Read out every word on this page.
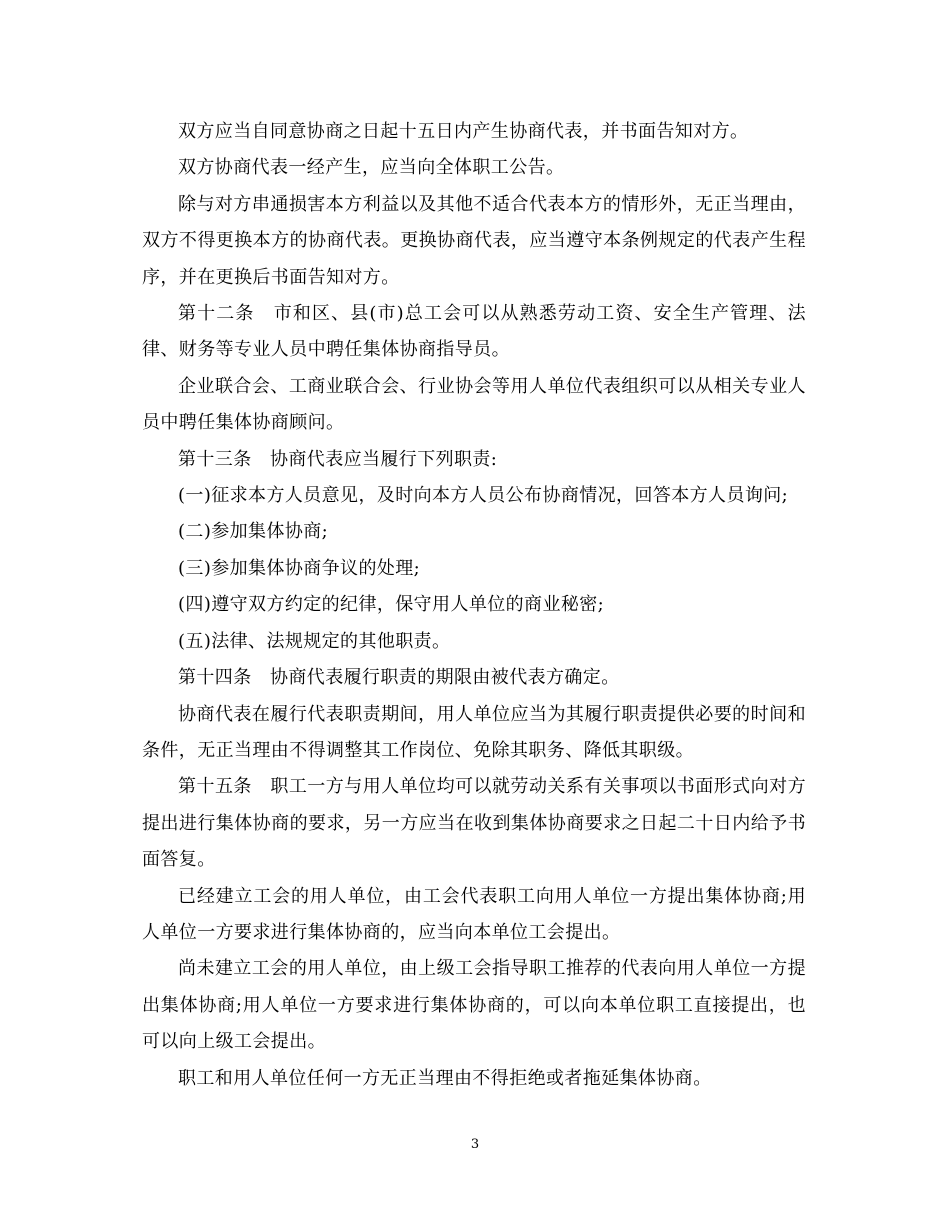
双方应当自同意协商之日起十五日内产生协商代表，并书面告知对方。

双方协商代表一经产生，应当向全体职工公告。

除与对方串通损害本方利益以及其他不适合代表本方的情形外，无正当理由，双方不得更换本方的协商代表。更换协商代表，应当遵守本条例规定的代表产生程序，并在更换后书面告知对方。

第十二条　市和区、县(市)总工会可以从熟悉劳动工资、安全生产管理、法律、财务等专业人员中聘任集体协商指导员。

企业联合会、工商业联合会、行业协会等用人单位代表组织可以从相关专业人员中聘任集体协商顾问。

第十三条　协商代表应当履行下列职责:

(一)征求本方人员意见，及时向本方人员公布协商情况，回答本方人员询问;

(二)参加集体协商;

(三)参加集体协商争议的处理;

(四)遵守双方约定的纪律，保守用人单位的商业秘密;

(五)法律、法规规定的其他职责。

第十四条　协商代表履行职责的期限由被代表方确定。

协商代表在履行代表职责期间，用人单位应当为其履行职责提供必要的时间和条件，无正当理由不得调整其工作岗位、免除其职务、降低其职级。

第十五条　职工一方与用人单位均可以就劳动关系有关事项以书面形式向对方提出进行集体协商的要求，另一方应当在收到集体协商要求之日起二十日内给予书面答复。

已经建立工会的用人单位，由工会代表职工向用人单位一方提出集体协商;用人单位一方要求进行集体协商的，应当向本单位工会提出。

尚未建立工会的用人单位，由上级工会指导职工推荐的代表向用人单位一方提出集体协商;用人单位一方要求进行集体协商的，可以向本单位职工直接提出，也可以向上级工会提出。

职工和用人单位任何一方无正当理由不得拒绝或者拖延集体协商。

3
